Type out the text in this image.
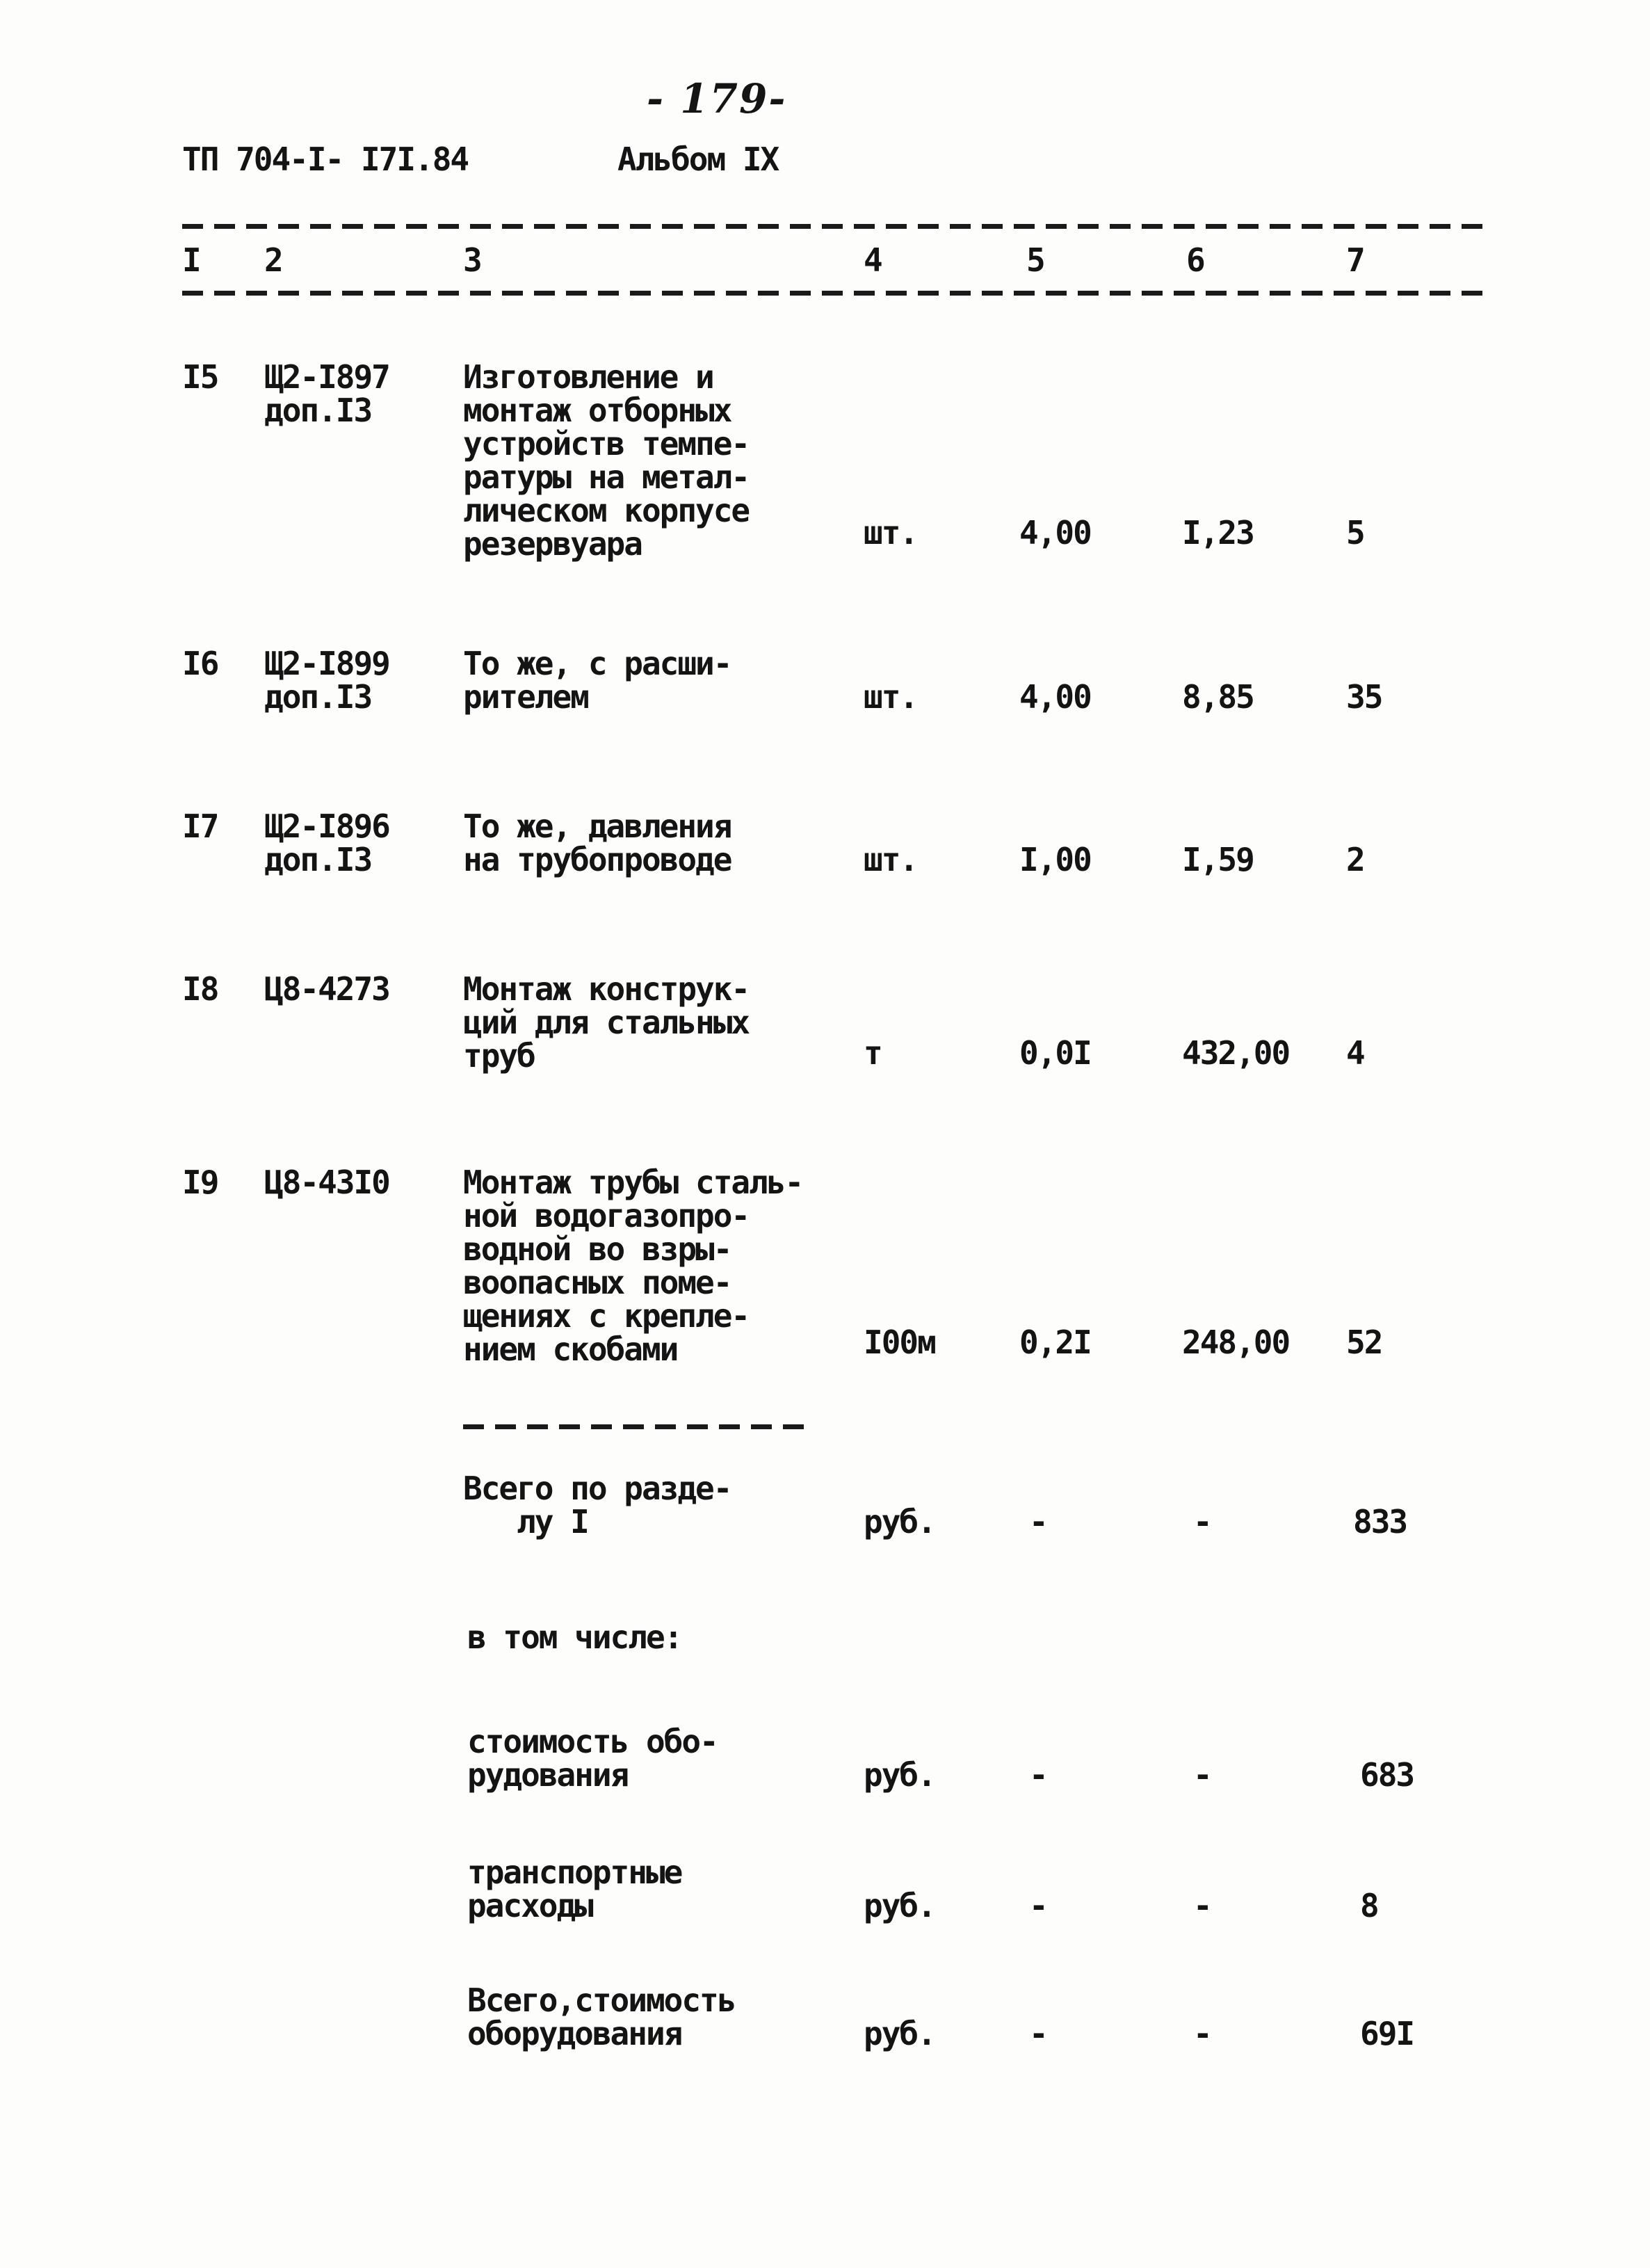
- 179-
ТП 704-I- I7I.84	Альбом IX
I 2	3	4	5	6	7
I5 Щ2-I897
доп.I3
Изготовление и
монтаж отборных
устройств темпе-
ратуры на метал-
лическом корпусе
резервуара	шт.	4,00	I,23	5
I6 Щ2-I899
доп.I3
То же, с расши-
рителем	шт.	4,00	8,85	35
I7 Щ2-I896
доп.I3
То же, давления
на трубопроводе	шт.	I,00	I,59	2
I8 Ц8-4273 Монтаж конструк-
ций для стальных
труб	т	0,0I	432,00 4
I9 Ц8-43I0 Монтаж трубы сталь-
ной водогазопро-
водной во взры-
воопасных поме-
щениях с крепле-
нием скобами	I00м	0,2I	248,00 52
Всего по разде-
лу I	руб.	-	-	833
в том числе:
стоимость обо-
рудования	руб.	-	-	683
транспортные
расходы	руб.	-	-	8
Всего,стоимость
оборудования	руб.	-	-	69I
